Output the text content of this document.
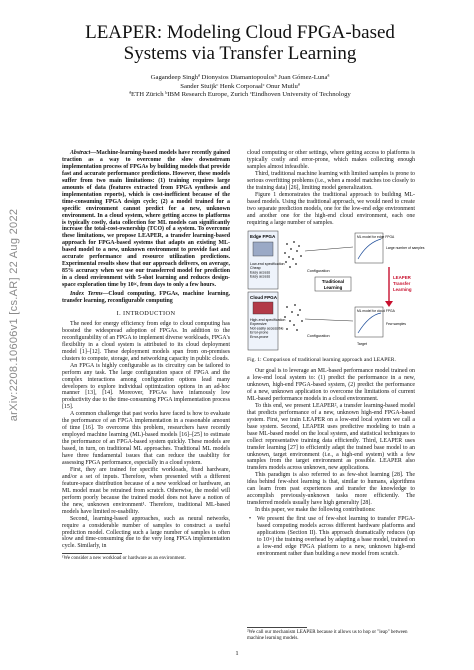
arXiv:2208.10606v1 [cs.AR] 22 Aug 2022
LEAPER: Modeling Cloud FPGA-based
Systems via Transfer Learning
Gagandeep Singhª Dionysios Diamantopoulosᵇ Juan Gómez-Lunaª
Sander Stuijkᶜ Henk Corporaalᶜ Onur Mutluª
ªETH Zürich ᵇIBM Research Europe, Zurich ᶜEindhoven University of Technology

Abstract—Machine-learning-based models have recently gained traction as a way to overcome the slow downstream implementation process of FPGAs by building models that provide fast and accurate performance predictions. However, these models suffer from two main limitations: (1) training requires large amounts of data (features extracted from FPGA synthesis and implementation reports), which is cost-inefficient because of the time-consuming FPGA design cycle; (2) a model trained for a specific environment cannot predict for a new, unknown environment. In a cloud system, where getting access to platforms is typically costly, data collection for ML models can significantly increase the total-cost-ownership (TCO) of a system. To overcome these limitations, we propose LEAPER, a transfer learning-based approach for FPGA-based systems that adapts an existing ML-based model to a new, unknown environment to provide fast and accurate performance and resource utilization predictions. Experimental results show that our approach delivers, on average, 85% accuracy when we use our transferred model for prediction in a cloud environment with 5-shot learning and reduces design-space exploration time by 10×, from days to only a few hours.

Index Terms—Cloud computing, FPGAs, machine learning, transfer learning, reconfigurable computing

I. INTRODUCTION

The need for energy efficiency from edge to cloud computing has boosted the widespread adoption of FPGAs. In addition to the reconfigurability of an FPGA to implement diverse workloads, FPGA's flexibility in a cloud system is attributed to its cloud deployment model [1]–[12]. These deployment models span from on-premises clusters to compute, storage, and networking capacity in public clouds.

An FPGA is highly configurable as its circuitry can be tailored to perform any task. The large configuration space of FPGA and the complex interactions among configuration options lead many developers to explore individual optimization options in an ad-hoc manner [13], [14]. Moreover, FPGAs have infamously low productivity due to the time-consuming FPGA implementation process [15].

A common challenge that past works have faced is how to evaluate the performance of an FPGA implementation in a reasonable amount of time [16]. To overcome this problem, researchers have recently employed machine learning (ML)-based models [16]–[25] to estimate the performance of an FPGA-based system quickly. These models are based, in turn, on traditional ML approaches. Traditional ML models have three fundamental issues that can reduce the usability for assessing FPGA performance, especially in a cloud system.

First, they are trained for specific workloads, fixed hardware, and/or a set of inputs. Therefore, when presented with a different feature-space distribution because of a new workload or hardware, an ML model must be retrained from scratch. Otherwise, the model will perform poorly because the trained model does not have a notion of the new, unknown environment¹. Therefore, traditional ML-based models have limited re-usability.

Second, learning-based approaches, such as neural networks, require a considerable number of samples to construct a useful prediction model. Collecting such a large number of samples is often slow and time-consuming due to the very long FPGA implementation cycle. Similarly, in

¹We consider a new workload or hardware as an environment.

cloud computing or other settings, where getting access to platforms is typically costly and error-prone, which makes collecting enough samples almost infeasible.

Third, traditional machine learning with limited samples is prone to serious overfitting problems (i.e., when a model matches too closely to the training data) [26], limiting model generalization.

Figure 1 demonstrates the traditional approach to building ML-based models. Using the traditional approach, we would need to create two separate prediction models, one for the low-end edge environment and another one for the high-end cloud environment, each one requiring a large number of samples.

Edge FPGA
Low-end specification Cheap Easy access Easy access
Cloud FPGA
High-end specification Expensive Not easily accessible Error-prone Error-prone
Configuration
Configuration
Traditional
Learning
ML model for edge FPGA
ML model for cloud FPGA
Large number of samples
Few samples
LEAPER
Transfer
Learning
Target

Fig. 1: Comparison of traditional learning approach and LEAPER.

Our goal is to leverage an ML-based performance model trained on a low-end local system to: (1) predict the performance in a new, unknown, high-end FPGA-based system, (2) predict the performance of a new, unknown application to overcome the limitations of current ML-based performance models in a cloud environment.

To this end, we present LEAPER², a transfer learning-based model that predicts performance of a new, unknown high-end FPGA-based system. First, we train LEAPER on a low-end local system we call a base system. Second, LEAPER uses predictive modeling to train a base ML-based model on the local system, and statistical techniques to collect representative training data efficiently. Third, LEAPER uses transfer learning [27] to efficiently adapt the trained base model to an unknown, target environment (i.e., a high-end system) with a few samples from the target environment as possible. LEAPER also transfers models across unknown, new applications.

This paradigm is also referred to as few-shot learning [28]. The idea behind few-shot learning is that, similar to humans, algorithms can learn from past experiences and transfer the knowledge to accomplish previously-unknown tasks more efficiently. The transferred models usually have high generality [28].

In this paper, we make the following contributions:

• We present the first use of few-shot learning to transfer FPGA-based computing models across different hardware platforms and applications (Section II). This approach dramatically reduces (up to 10×) the training overhead by adapting a base model, trained on a low-end edge FPGA platform to a new, unknown high-end environment rather than building a new model from scratch.

²We call our mechanism LEAPER because it allows us to hop or "leap" between machine learning models.

1
